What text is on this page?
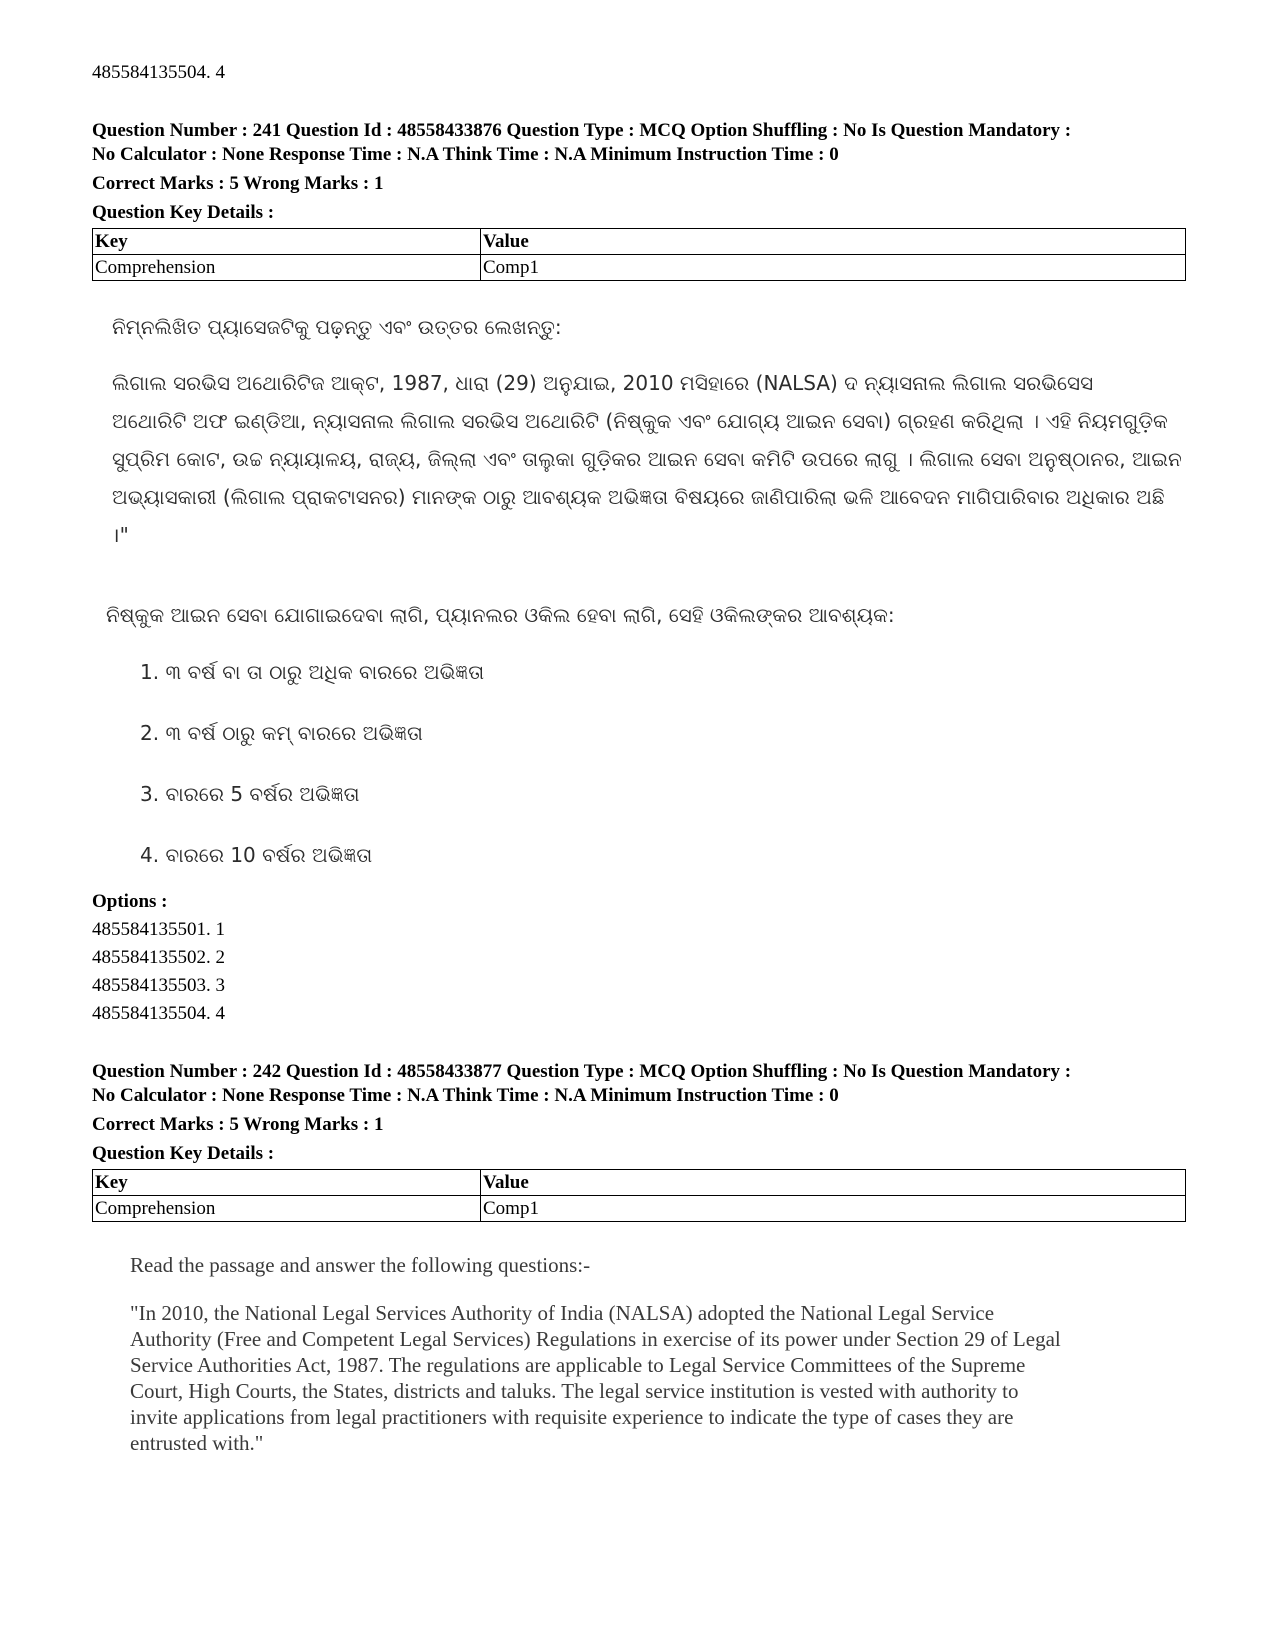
485584135504. 4

Question Number : 241 Question Id : 48558433876 Question Type : MCQ Option Shuffling : No Is Question Mandatory :

No Calculator : None Response Time : N.A Think Time : N.A Minimum Instruction Time : 0

Correct Marks : 5 Wrong Marks : 1

Question Key Details :

Key	Value
Comprehension	Comp1

ନିମ୍ନଲିଖିତ ପ୍ୟାସେଜଟିକୁ ପଢ଼ନ୍ତୁ ଏବଂ ଉତ୍ତର ଲେଖନ୍ତୁ:

ଲିଗାଲ ସରଭିସ ଅଥୋରିଟିଜ ଆକ୍ଟ, 1987, ଧାରା (29) ଅନୁଯାଇ, 2010 ମସିହାରେ (NALSA) ଦ ନ୍ୟାସନାଲ ଲିଗାଲ ସରଭିସେସ

ଅଥୋରିଟି ଅଫ ଇଣ୍ଡିଆ, ନ୍ୟାସନାଲ ଲିଗାଲ ସରଭିସ ଅଥୋରିଟି (ନିଷ୍କୁକ ଏବଂ ଯୋଗ୍ୟ ଆଇନ ସେବା) ଗ୍ରହଣ କରିଥିଲା । ଏହି ନିୟମଗୁଡ଼ିକ

ସୁପ୍ରିମ କୋଟ, ଉଚ୍ଚ ନ୍ୟାୟାଳୟ, ରାଜ୍ୟ, ଜିଲ୍ଲା ଏବଂ ତାଲୁକା ଗୁଡ଼ିକର ଆଇନ ସେବା କମିଟି ଉପରେ ଲାଗୁ । ଲିଗାଲ ସେବା ଅନୁଷ୍ଠାନର, ଆଇନ

ଅଭ୍ୟାସକାରୀ (ଲିଗାଲ ପ୍ରାକଟାସନର) ମାନଙ୍କ ଠାରୁ ଆବଶ୍ୟକ ଅଭିଜ୍ଞତା ବିଷୟରେ ଜାଣିପାରିଲା ଭଳି ଆବେଦନ ମାଗିପାରିବାର ଅଧିକାର ଅଛି

।"

ନିଷ୍କୁକ ଆଇନ ସେବା ଯୋଗାଇଦେବା ଲାଗି, ପ୍ୟାନଲର ଓକିଲ ହେବା ଲାଗି, ସେହି ଓକିଲଙ୍କର ଆବଶ୍ୟକ:

1. ୩ ବର୍ଷ ବା ତା ଠାରୁ ଅଧିକ ବାରରେ ଅଭିଜ୍ଞତା
2. ୩ ବର୍ଷ ଠାରୁ କମ୍ ବାରରେ ଅଭିଜ୍ଞତା
3. ବାରରେ 5 ବର୍ଷର ଅଭିଜ୍ଞତା
4. ବାରରେ 10 ବର୍ଷର ଅଭିଜ୍ଞତା
Options :
485584135501. 1
485584135502. 2
485584135503. 3
485584135504. 4

Question Number : 242 Question Id : 48558433877 Question Type : MCQ Option Shuffling : No Is Question Mandatory :

No Calculator : None Response Time : N.A Think Time : N.A Minimum Instruction Time : 0

Correct Marks : 5 Wrong Marks : 1

Question Key Details :

Key	Value
Comprehension	Comp1
Read the passage and answer the following questions:-

"In 2010, the National Legal Services Authority of India (NALSA) adopted the National Legal Service

Authority (Free and Competent Legal Services) Regulations in exercise of its power under Section 29 of Legal

Service Authorities Act, 1987. The regulations are applicable to Legal Service Committees of the Supreme

Court, High Courts, the States, districts and taluks. The legal service institution is vested with authority to

invite applications from legal practitioners with requisite experience to indicate the type of cases they are

entrusted with."
